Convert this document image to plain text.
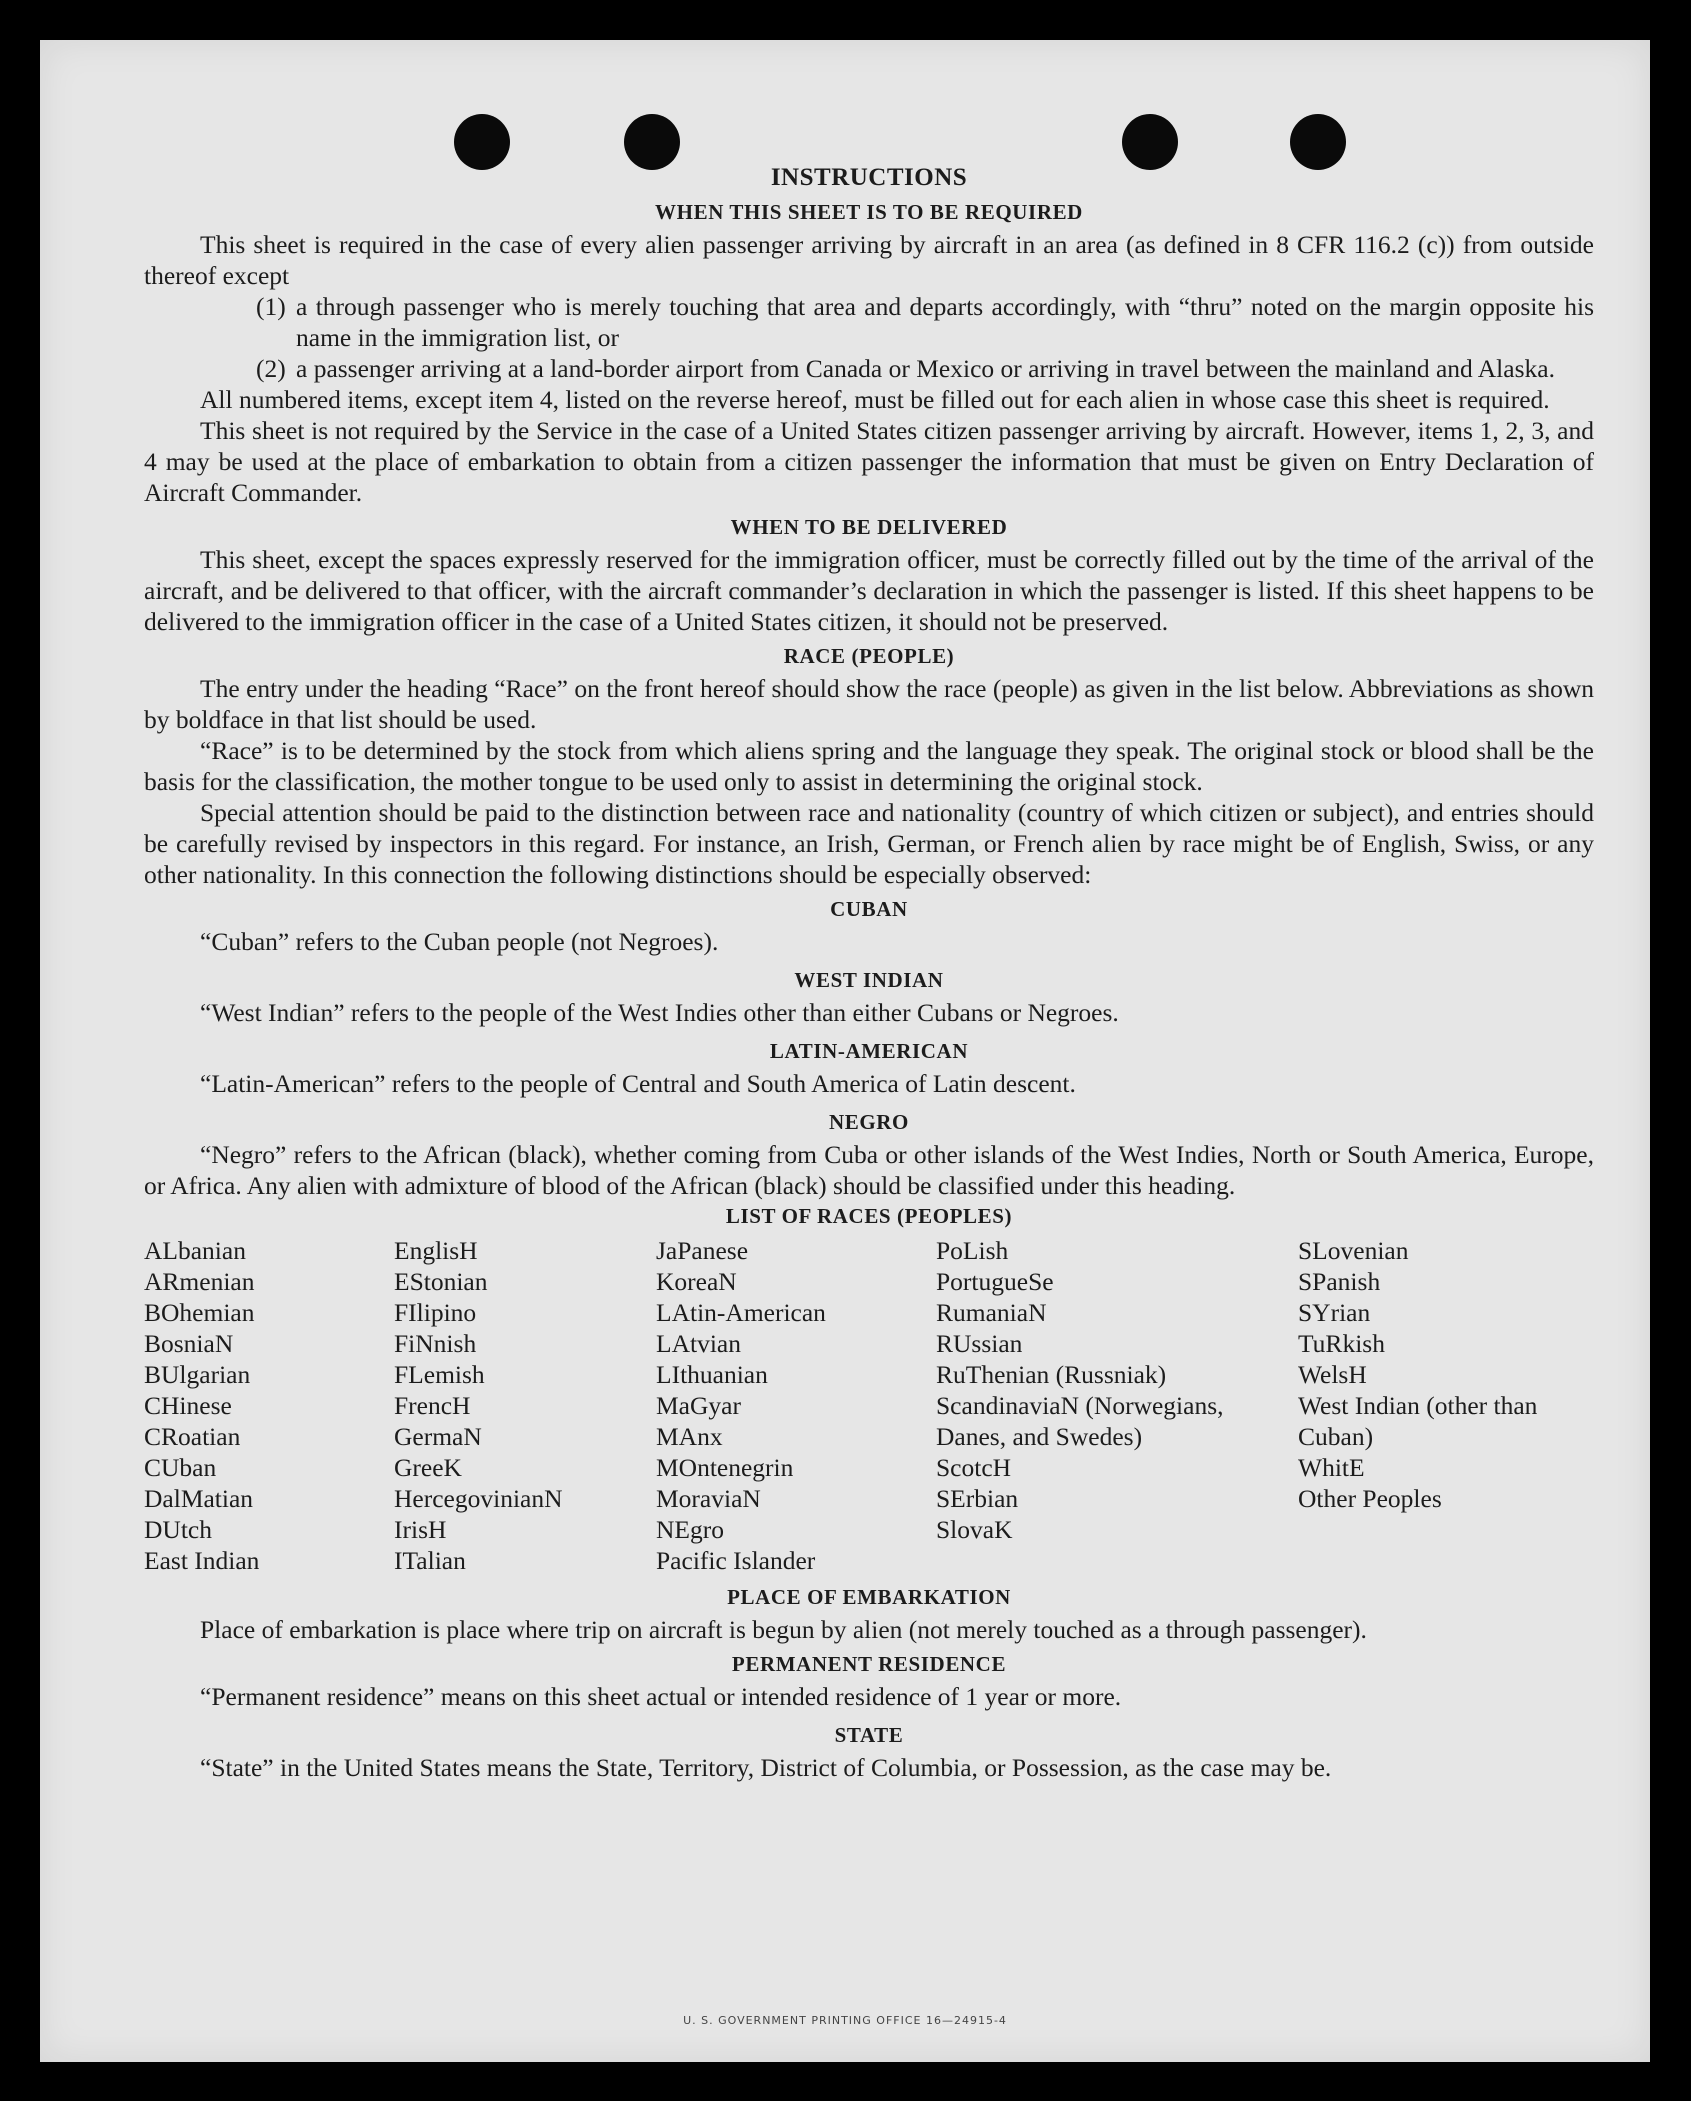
INSTRUCTIONS
WHEN THIS SHEET IS TO BE REQUIRED

This sheet is required in the case of every alien passenger arriving by aircraft in an area (as defined in 8 CFR 116.2 (c)) from outside thereof except

(1) a through passenger who is merely touching that area and departs accordingly, with “thru” noted on the margin opposite his name in the immigration list, or
(2) a passenger arriving at a land-border airport from Canada or Mexico or arriving in travel between the mainland and Alaska.

All numbered items, except item 4, listed on the reverse hereof, must be filled out for each alien in whose case this sheet is required.

This sheet is not required by the Service in the case of a United States citizen passenger arriving by aircraft. However, items 1, 2, 3, and 4 may be used at the place of embarkation to obtain from a citizen passenger the information that must be given on Entry Declaration of Aircraft Commander.

WHEN TO BE DELIVERED

This sheet, except the spaces expressly reserved for the immigration officer, must be correctly filled out by the time of the arrival of the aircraft, and be delivered to that officer, with the aircraft commander’s declaration in which the passenger is listed. If this sheet happens to be delivered to the immigration officer in the case of a United States citizen, it should not be preserved.

RACE (PEOPLE)

The entry under the heading “Race” on the front hereof should show the race (people) as given in the list below. Abbreviations as shown by boldface in that list should be used.

“Race” is to be determined by the stock from which aliens spring and the language they speak. The original stock or blood shall be the basis for the classification, the mother tongue to be used only to assist in determining the original stock.

Special attention should be paid to the distinction between race and nationality (country of which citizen or subject), and entries should be carefully revised by inspectors in this regard. For instance, an Irish, German, or French alien by race might be of English, Swiss, or any other nationality. In this connection the following distinctions should be especially observed:

CUBAN

“Cuban” refers to the Cuban people (not Negroes).

WEST INDIAN

“West Indian” refers to the people of the West Indies other than either Cubans or Negroes.

LATIN-AMERICAN

“Latin-American” refers to the people of Central and South America of Latin descent.

NEGRO

“Negro” refers to the African (black), whether coming from Cuba or other islands of the West Indies, North or South America, Europe, or Africa. Any alien with admixture of blood of the African (black) should be classified under this heading.

LIST OF RACES (PEOPLES)
ALbanian
ARmenian
BOhemian
BosniaN
BUlgarian
CHinese
CRoatian
CUban
DalMatian
DUtch
East Indian
EnglisH
EStonian
FIlipino
FiNnish
FLemish
FrencH
GermaN
GreeK
HercegovinianN
IrisH
ITalian
JaPanese
KoreaN
LAtin-American
LAtvian
LIthuanian
MaGyar
MAnx
MOntenegrin
MoraviaN
NEgro
Pacific Islander
PoLish
PortugueSe
RumaniaN
RUssian
RuThenian (Russniak)
ScandinaviaN (Norwegians, Danes, and Swedes)
ScotcH
SErbian
SlovaK
SLovenian
SPanish
SYrian
TuRkish
WelsH
West Indian (other than Cuban)
WhitE
Other Peoples
PLACE OF EMBARKATION

Place of embarkation is place where trip on aircraft is begun by alien (not merely touched as a through passenger).

PERMANENT RESIDENCE

“Permanent residence” means on this sheet actual or intended residence of 1 year or more.

STATE

“State” in the United States means the State, Territory, District of Columbia, or Possession, as the case may be.

U. S. GOVERNMENT PRINTING OFFICE 16—24915-4
